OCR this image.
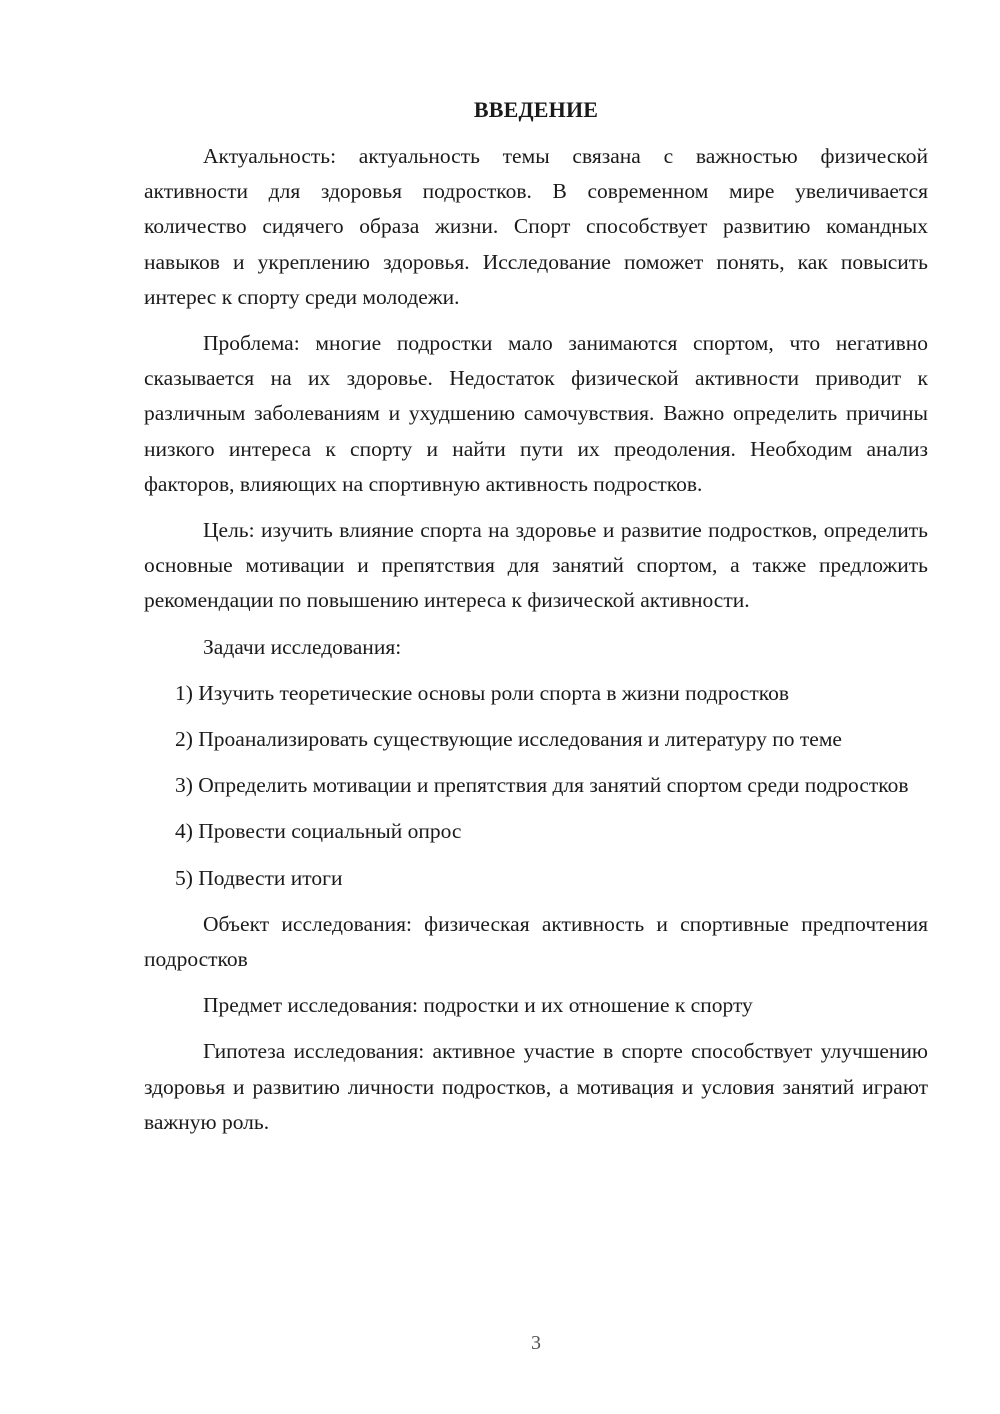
ВВЕДЕНИЕ

Актуальность: актуальность темы связана с важностью физической активности для здоровья подростков. В современном мире увеличивается количество сидячего образа жизни. Спорт способствует развитию командных навыков и укреплению здоровья. Исследование поможет понять, как повысить интерес к спорту среди молодежи.

Проблема: многие подростки мало занимаются спортом, что негативно сказывается на их здоровье. Недостаток физической активности приводит к различным заболеваниям и ухудшению самочувствия. Важно определить причины низкого интереса к спорту и найти пути их преодоления. Необходим анализ факторов, влияющих на спортивную активность подростков.

Цель: изучить влияние спорта на здоровье и развитие подростков, определить основные мотивации и препятствия для занятий спортом, а также предложить рекомендации по повышению интереса к физической активности.

Задачи исследования:

1) Изучить теоретические основы роли спорта в жизни подростков

2) Проанализировать существующие исследования и литературу по теме

3) Определить мотивации и препятствия для занятий спортом среди подростков

4) Провести социальный опрос

5) Подвести итоги

Объект исследования: физическая активность и спортивные предпочтения подростков

Предмет исследования: подростки и их отношение к спорту

Гипотеза исследования: активное участие в спорте способствует улучшению здоровья и развитию личности подростков, а мотивация и условия занятий играют важную роль.

3
